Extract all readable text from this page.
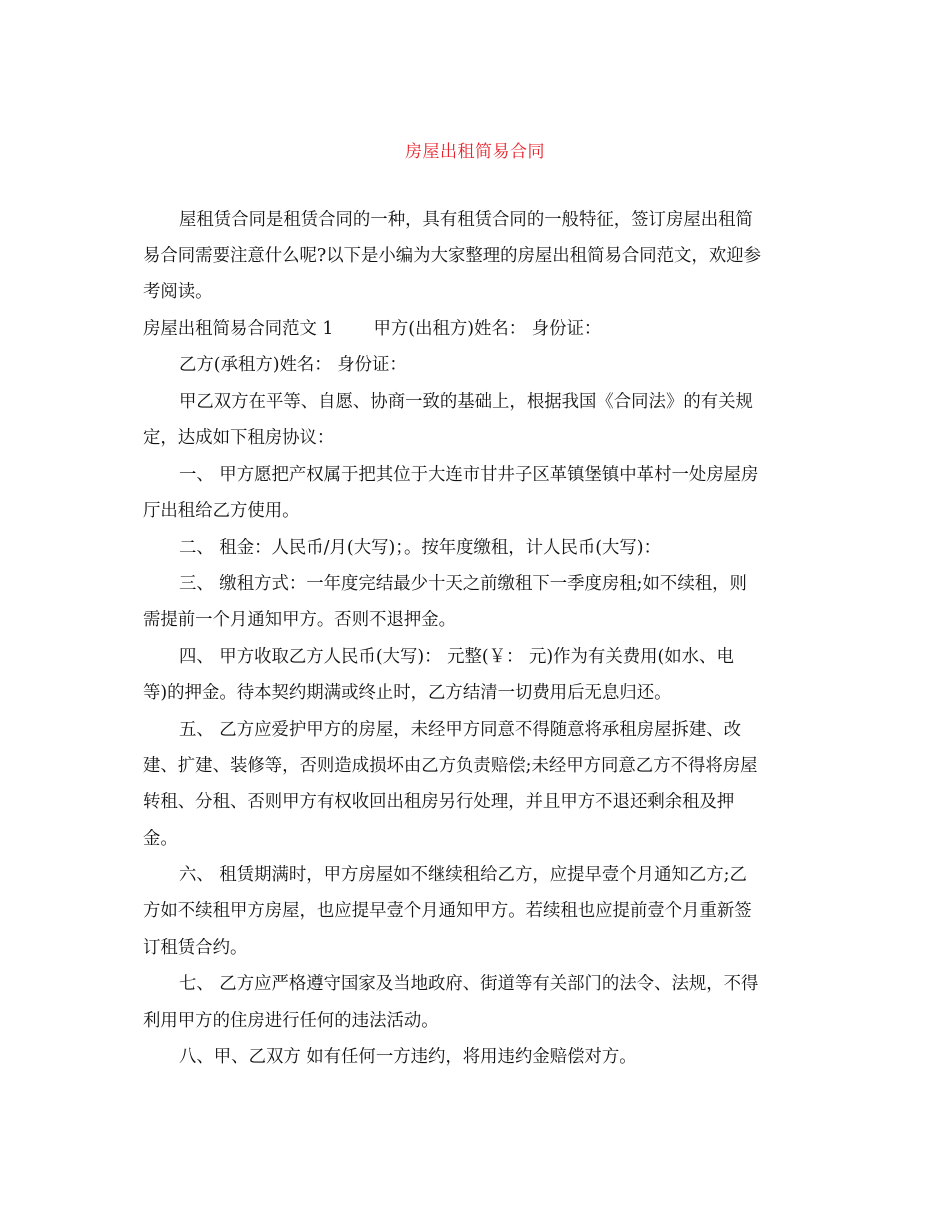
房屋出租简易合同
屋租赁合同是租赁合同的一种，具有租赁合同的一般特征，签订房屋出租简
易合同需要注意什么呢?以下是小编为大家整理的房屋出租简易合同范文，欢迎参
考阅读。
房屋出租简易合同范文 1 甲方(出租方)姓名： 身份证：
乙方(承租方)姓名： 身份证：
甲乙双方在平等、自愿、协商一致的基础上，根据我国《合同法》的有关规
定，达成如下租房协议：
一、 甲方愿把产权属于把其位于大连市甘井子区革镇堡镇中革村一处房屋房
厅出租给乙方使用。
二、 租金：人民币/月(大写)；。按年度缴租，计人民币(大写)：
三、 缴租方式：一年度完结最少十天之前缴租下一季度房租;如不续租，则
需提前一个月通知甲方。否则不退押金。
四、 甲方收取乙方人民币(大写)： 元整(￥： 元)作为有关费用(如水、电
等)的押金。待本契约期满或终止时，乙方结清一切费用后无息归还。
五、 乙方应爱护甲方的房屋，未经甲方同意不得随意将承租房屋拆建、改
建、扩建、装修等，否则造成损坏由乙方负责赔偿;未经甲方同意乙方不得将房屋
转租、分租、否则甲方有权收回出租房另行处理，并且甲方不退还剩余租及押
金。
六、 租赁期满时，甲方房屋如不继续租给乙方，应提早壹个月通知乙方;乙
方如不续租甲方房屋，也应提早壹个月通知甲方。若续租也应提前壹个月重新签
订租赁合约。
七、 乙方应严格遵守国家及当地政府、街道等有关部门的法令、法规，不得
利用甲方的住房进行任何的违法活动。
八、甲、乙双方 如有任何一方违约，将用违约金赔偿对方。
